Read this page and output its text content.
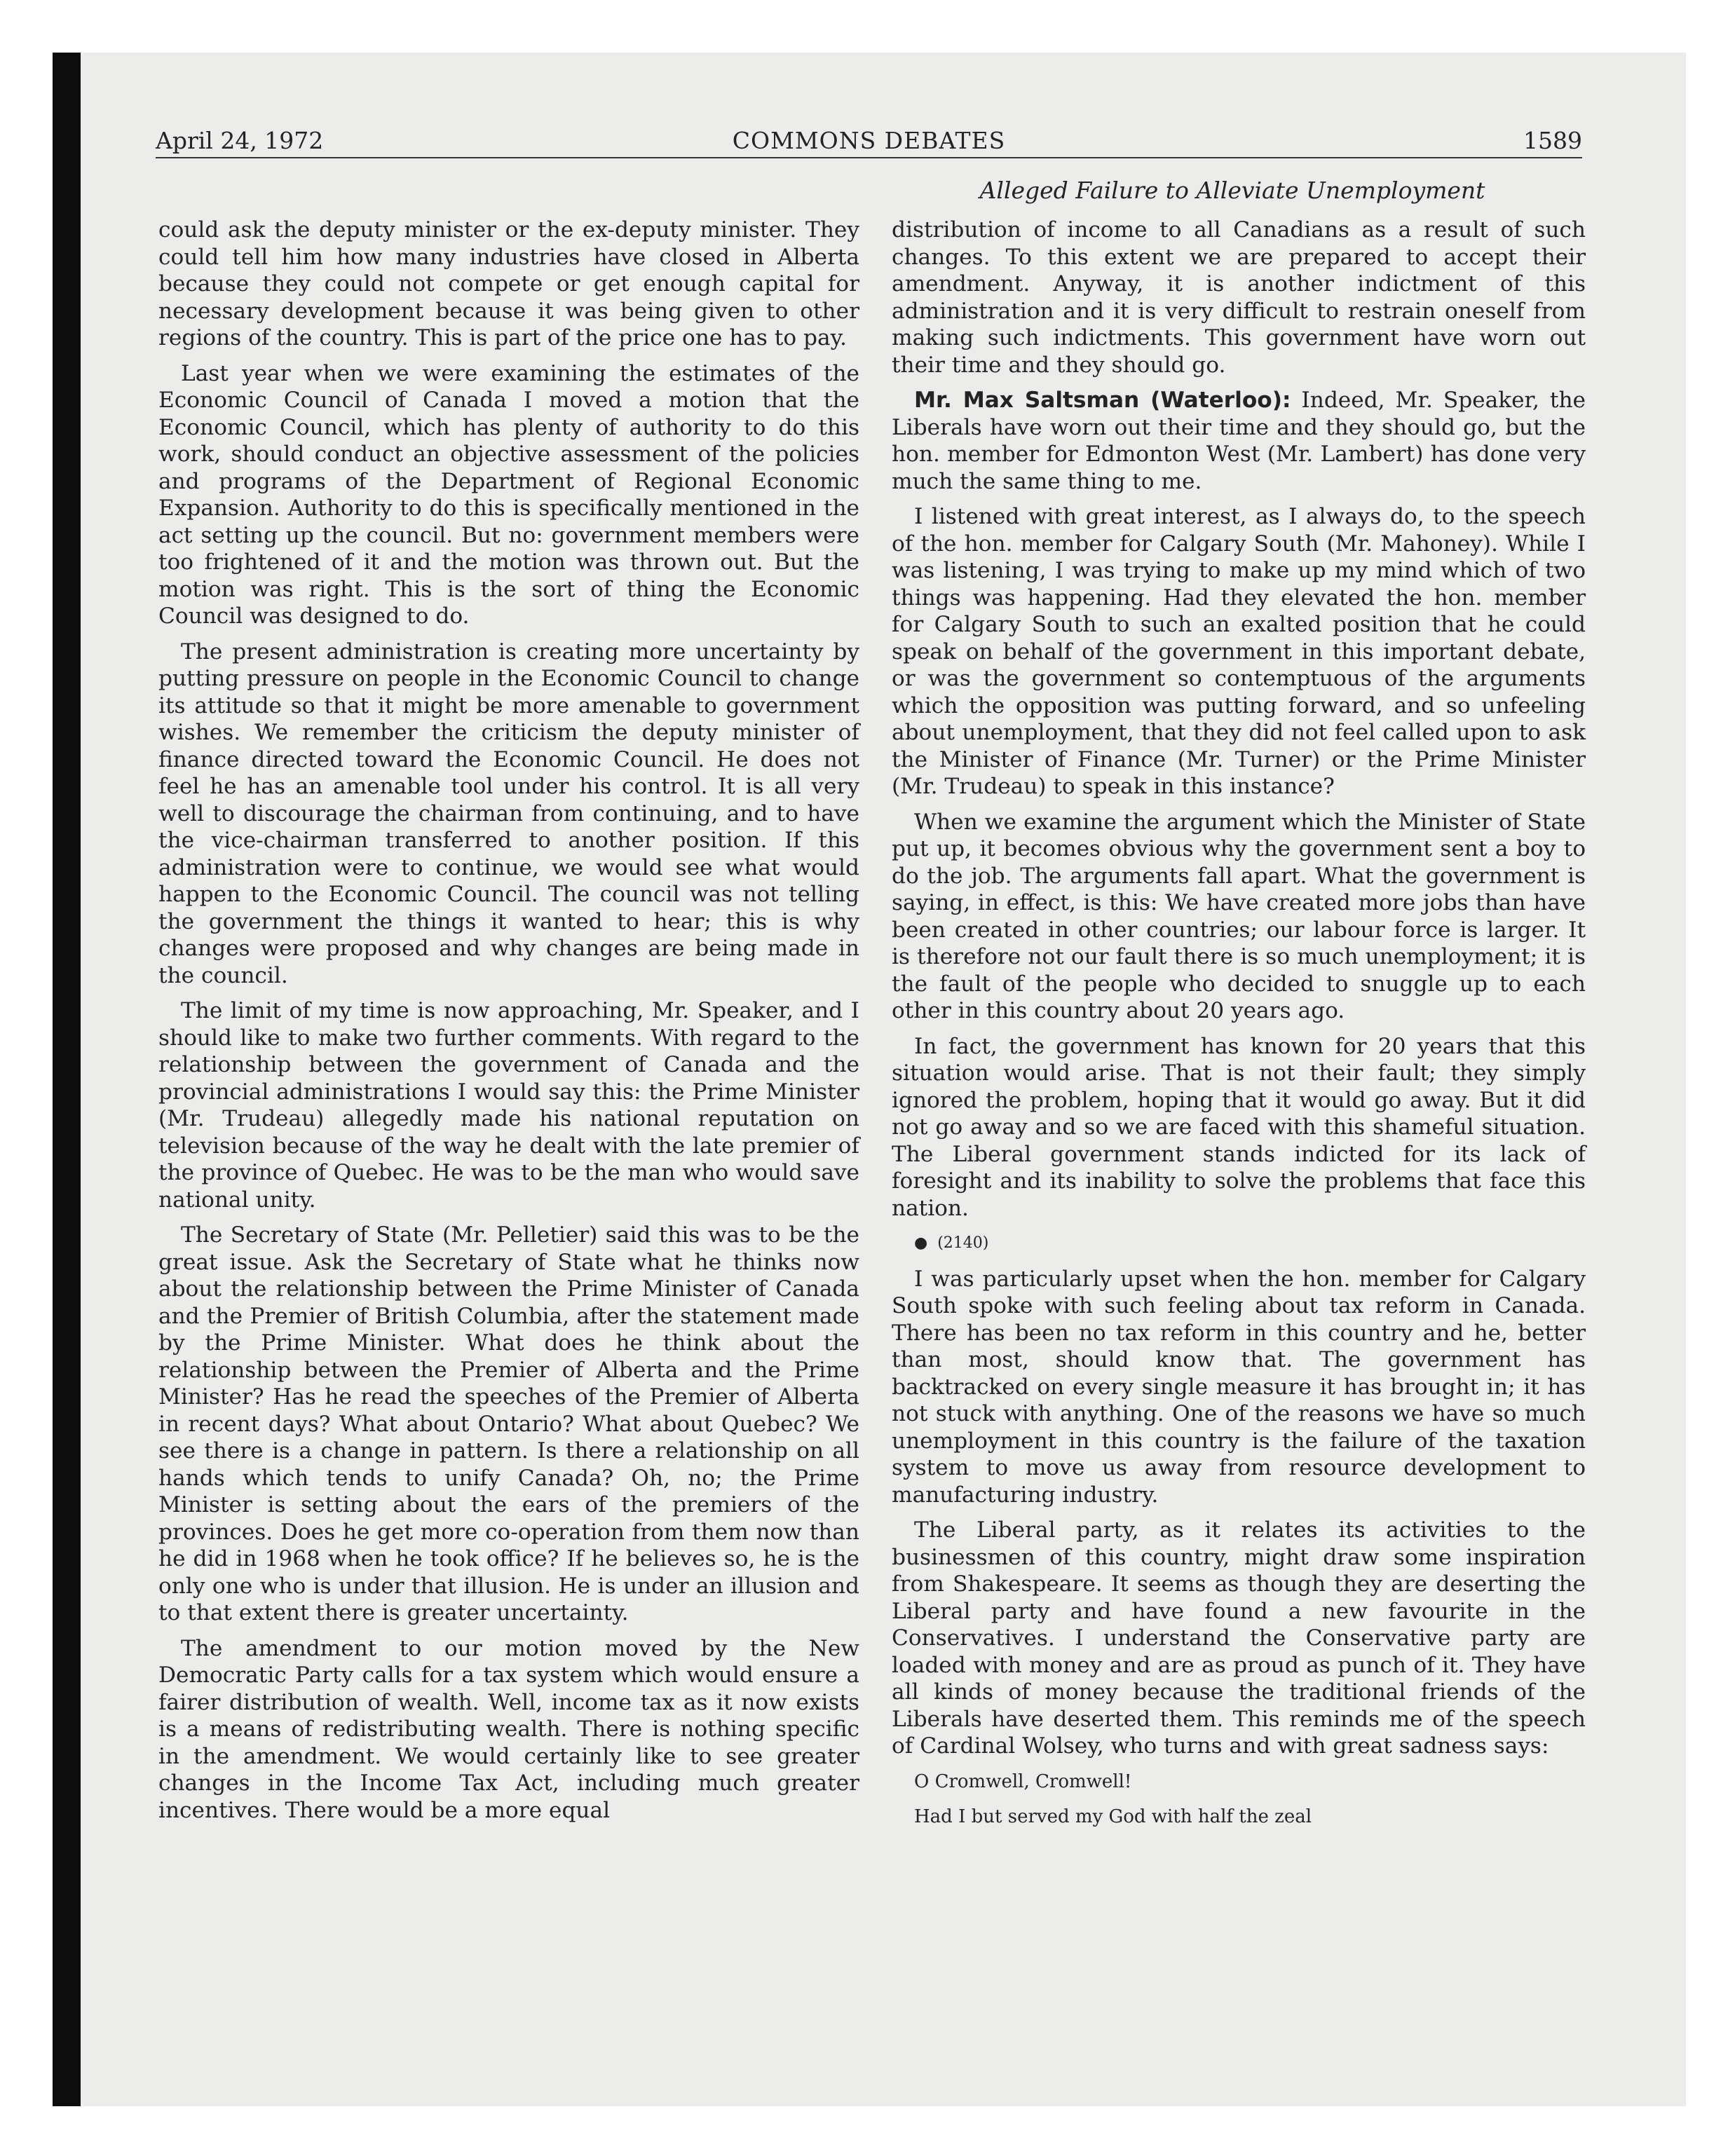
April 24, 1972	COMMONS DEBATES	1589
Alleged Failure to Alleviate Unemployment

could ask the deputy minister or the ex-deputy minister. They could tell him how many industries have closed in Alberta because they could not compete or get enough capital for necessary development because it was being given to other regions of the country. This is part of the price one has to pay.

Last year when we were examining the estimates of the Economic Council of Canada I moved a motion that the Economic Council, which has plenty of authority to do this work, should conduct an objective assessment of the policies and programs of the Department of Regional Economic Expansion. Authority to do this is specifically mentioned in the act setting up the council. But no: government members were too frightened of it and the motion was thrown out. But the motion was right. This is the sort of thing the Economic Council was designed to do.

The present administration is creating more uncertainty by putting pressure on people in the Economic Council to change its attitude so that it might be more amenable to government wishes. We remember the criticism the deputy minister of finance directed toward the Economic Council. He does not feel he has an amenable tool under his control. It is all very well to discourage the chairman from continuing, and to have the vice-chairman transferred to another position. If this administration were to continue, we would see what would happen to the Economic Council. The council was not telling the government the things it wanted to hear; this is why changes were proposed and why changes are being made in the council.

The limit of my time is now approaching, Mr. Speaker, and I should like to make two further comments. With regard to the relationship between the government of Canada and the provincial administrations I would say this: the Prime Minister (Mr. Trudeau) allegedly made his national reputation on television because of the way he dealt with the late premier of the province of Quebec. He was to be the man who would save national unity.

The Secretary of State (Mr. Pelletier) said this was to be the great issue. Ask the Secretary of State what he thinks now about the relationship between the Prime Minister of Canada and the Premier of British Columbia, after the statement made by the Prime Minister. What does he think about the relationship between the Premier of Alberta and the Prime Minister? Has he read the speeches of the Premier of Alberta in recent days? What about Ontario? What about Quebec? We see there is a change in pattern. Is there a relationship on all hands which tends to unify Canada? Oh, no; the Prime Minister is setting about the ears of the premiers of the provinces. Does he get more co-operation from them now than he did in 1968 when he took office? If he believes so, he is the only one who is under that illusion. He is under an illusion and to that extent there is greater uncertainty.

The amendment to our motion moved by the New Democratic Party calls for a tax system which would ensure a fairer distribution of wealth. Well, income tax as it now exists is a means of redistributing wealth. There is nothing specific in the amendment. We would certainly like to see greater changes in the Income Tax Act, including much greater incentives. There would be a more equal

distribution of income to all Canadians as a result of such changes. To this extent we are prepared to accept their amendment. Anyway, it is another indictment of this administration and it is very difficult to restrain oneself from making such indictments. This government have worn out their time and they should go.

Mr. Max Saltsman (Waterloo): Indeed, Mr. Speaker, the Liberals have worn out their time and they should go, but the hon. member for Edmonton West (Mr. Lambert) has done very much the same thing to me.

I listened with great interest, as I always do, to the speech of the hon. member for Calgary South (Mr. Mahoney). While I was listening, I was trying to make up my mind which of two things was happening. Had they elevated the hon. member for Calgary South to such an exalted position that he could speak on behalf of the government in this important debate, or was the government so contemptuous of the arguments which the opposition was putting forward, and so unfeeling about unemployment, that they did not feel called upon to ask the Minister of Finance (Mr. Turner) or the Prime Minister (Mr. Trudeau) to speak in this instance?

When we examine the argument which the Minister of State put up, it becomes obvious why the government sent a boy to do the job. The arguments fall apart. What the government is saying, in effect, is this: We have created more jobs than have been created in other countries; our labour force is larger. It is therefore not our fault there is so much unemployment; it is the fault of the people who decided to snuggle up to each other in this country about 20 years ago.

In fact, the government has known for 20 years that this situation would arise. That is not their fault; they simply ignored the problem, hoping that it would go away. But it did not go away and so we are faced with this shameful situation. The Liberal government stands indicted for its lack of foresight and its inability to solve the problems that face this nation.

● (2140)

I was particularly upset when the hon. member for Calgary South spoke with such feeling about tax reform in Canada. There has been no tax reform in this country and he, better than most, should know that. The government has backtracked on every single measure it has brought in; it has not stuck with anything. One of the reasons we have so much unemployment in this country is the failure of the taxation system to move us away from resource development to manufacturing industry.

The Liberal party, as it relates its activities to the businessmen of this country, might draw some inspiration from Shakespeare. It seems as though they are deserting the Liberal party and have found a new favourite in the Conservatives. I understand the Conservative party are loaded with money and are as proud as punch of it. They have all kinds of money because the traditional friends of the Liberals have deserted them. This reminds me of the speech of Cardinal Wolsey, who turns and with great sadness says:

O Cromwell, Cromwell!

Had I but served my God with half the zeal
